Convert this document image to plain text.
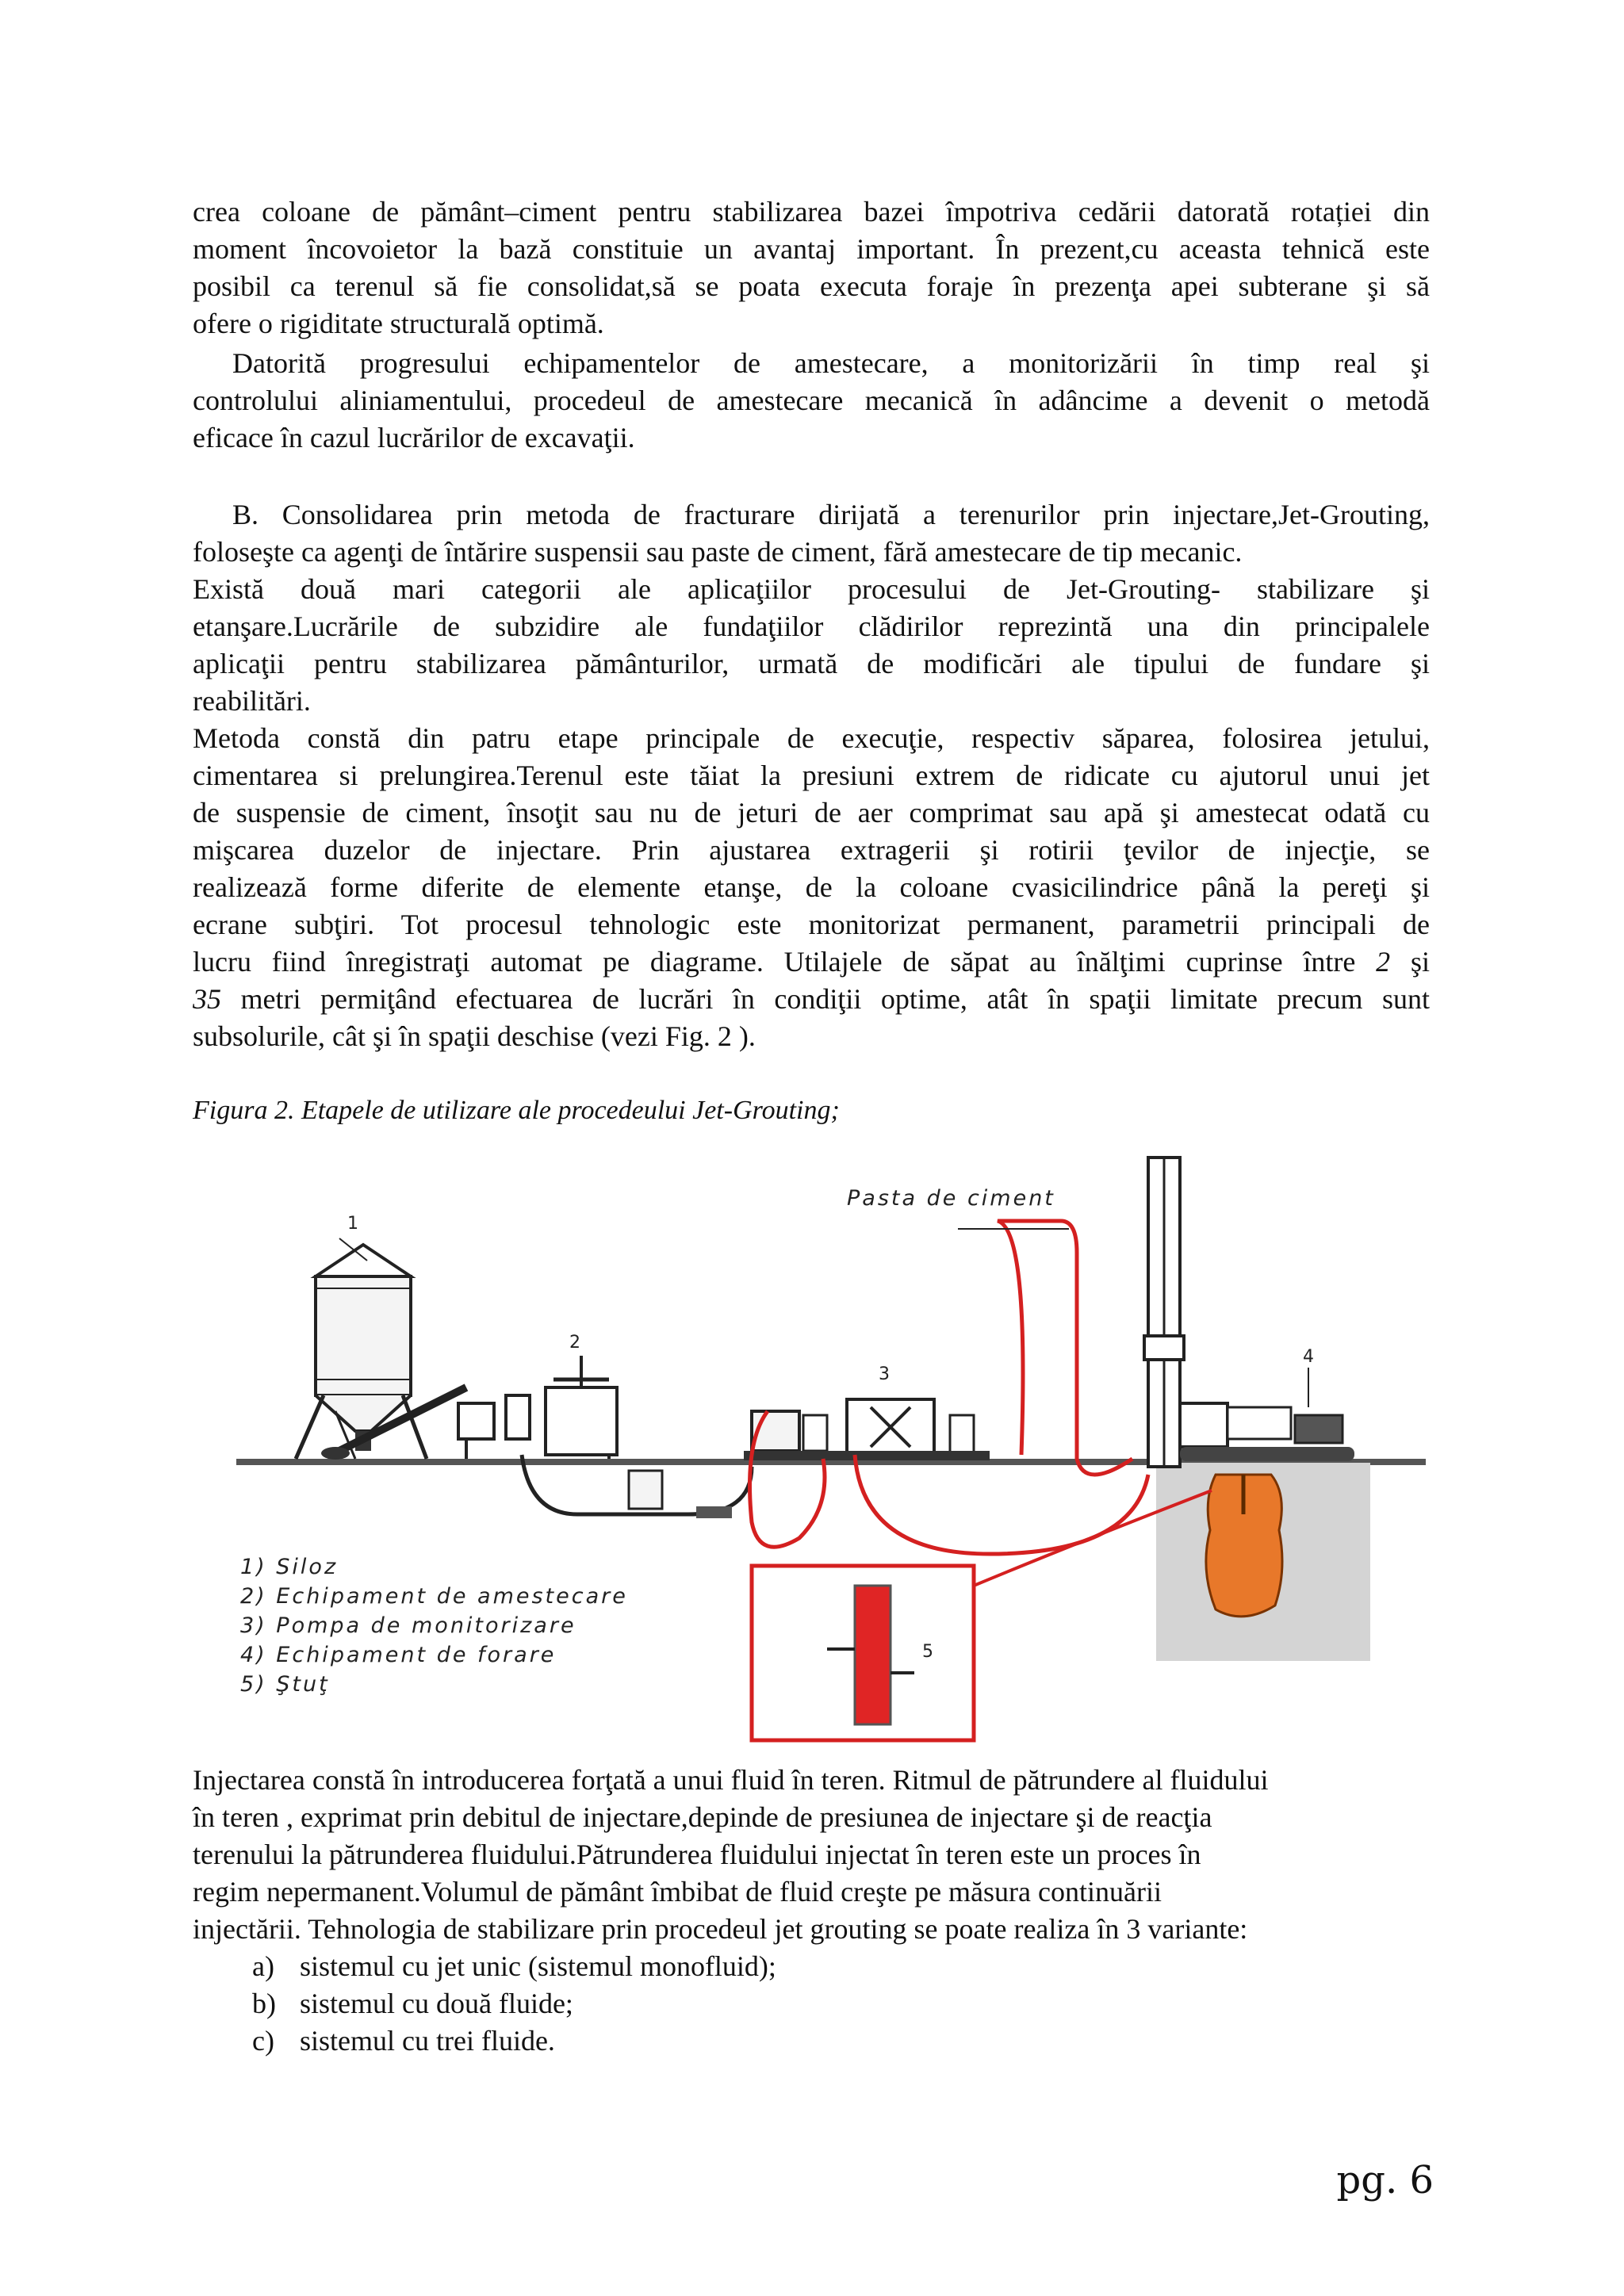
crea coloane de pământ–ciment pentru stabilizarea bazei împotriva cedării datorată rotației din
moment încovoietor la bază constituie un avantaj important. În prezent,cu aceasta tehnică este
posibil ca terenul să fie consolidat,să se poata executa foraje în prezenţa apei subterane şi să
ofere o rigiditate structurală optimă.
Datorită progresului echipamentelor de amestecare, a monitorizării în timp real şi
controlului aliniamentului, procedeul de amestecare mecanică în adâncime a devenit o metodă
eficace în cazul lucrărilor de excavaţii.
B. Consolidarea prin metoda de fracturare dirijată a terenurilor prin injectare,Jet-Grouting,
foloseşte ca agenţi de întărire suspensii sau paste de ciment, fără amestecare de tip mecanic.
Există două mari categorii ale aplicaţiilor procesului de Jet-Grouting- stabilizare şi
etanşare.Lucrările de subzidire ale fundaţiilor clădirilor reprezintă una din principalele
aplicaţii pentru stabilizarea pământurilor, urmată de modificări ale tipului de fundare şi
reabilitări.
Metoda constă din patru etape principale de execuţie, respectiv săparea, folosirea jetului,
cimentarea si prelungirea.Terenul este tăiat la presiuni extrem de ridicate cu ajutorul unui jet
de suspensie de ciment, însoţit sau nu de jeturi de aer comprimat sau apă şi amestecat odată cu
mişcarea duzelor de injectare. Prin ajustarea extragerii şi rotirii ţevilor de injecţie, se
realizează forme diferite de elemente etanşe, de la coloane cvasicilindrice până la pereţi şi
ecrane subţiri. Tot procesul tehnologic este monitorizat permanent, parametrii principali de
lucru fiind înregistraţi automat pe diagrame. Utilajele de săpat au înălţimi cuprinse între 2 şi
35 metri permiţând efectuarea de lucrări în condiţii optime, atât în spaţii limitate precum sunt
subsolurile, cât şi în spaţii deschise (vezi Fig. 2 ).
Figura 2. Etapele de utilizare ale procedeului Jet-Grouting;
1
2
3
4
Pasta de ciment
5
1) Siloz
2) Echipament de amestecare
3) Pompa de monitorizare
4) Echipament de forare
5) Ştuţ
Injectarea constă în introducerea forţată a unui fluid în teren. Ritmul de pătrundere al fluidului
în teren , exprimat prin debitul de injectare,depinde de presiunea de injectare şi de reacţia
terenului la pătrunderea fluidului.Pătrunderea fluidului injectat în teren este un proces în
regim nepermanent.Volumul de pământ îmbibat de fluid creşte pe măsura continuării
injectării. Tehnologia de stabilizare prin procedeul jet grouting se poate realiza în 3 variante:
a) sistemul cu jet unic (sistemul monofluid);
b) sistemul cu două fluide;
c) sistemul cu trei fluide.
pg. 6
